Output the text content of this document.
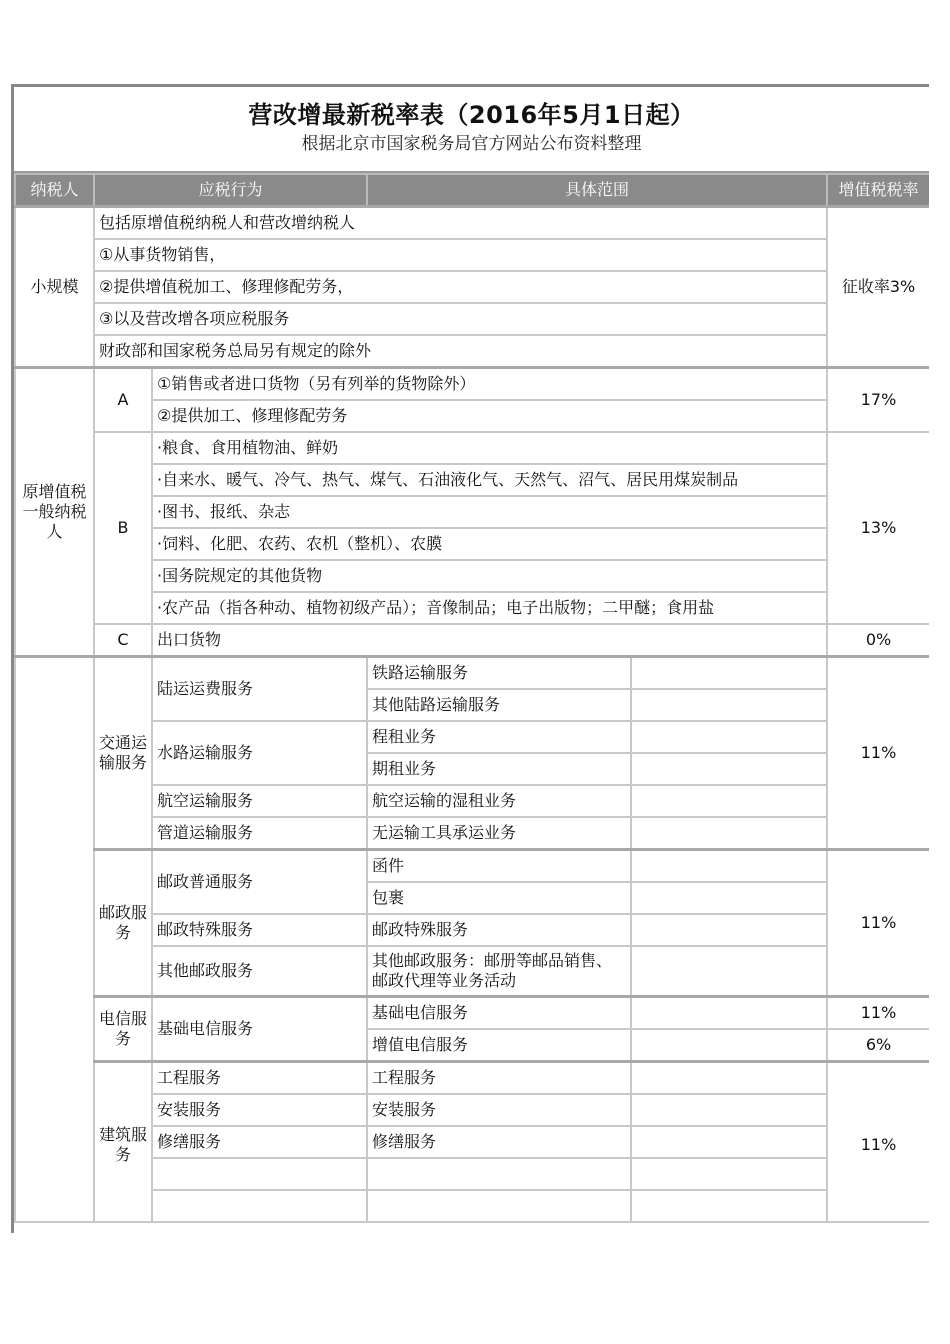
营改增最新税率表（2016年5月1日起）
根据北京市国家税务局官方网站公布资料整理
纳税人	应税行为		具体范围		增值税税率
小规模	包括原增值税纳税人和营改增纳税人				征收率3%
	①从事货物销售，				
	②提供增值税加工、修理修配劳务，				
	③以及营改增各项应税服务				
	财政部和国家税务总局另有规定的除外				
原增值税一般纳税人	A	①销售或者进口货物（另有列举的货物除外）			17%
		②提供加工、修理修配劳务			
	B	·粮食、食用植物油、鲜奶			13%
		·自来水、暖气、冷气、热气、煤气、石油液化气、天然气、沼气、居民用煤炭制品			
		·图书、报纸、杂志			
		·饲料、化肥、农药、农机（整机）、农膜			
		·国务院规定的其他货物			
		·农产品（指各种动、植物初级产品）；音像制品；电子出版物；二甲醚；食用盐			
	C	出口货物			0%
	交通运输服务	陆运运费服务	铁路运输服务		11%
			其他陆路运输服务		
		水路运输服务	程租业务		
			期租业务		
		航空运输服务	航空运输的湿租业务		
		管道运输服务	无运输工具承运业务		
	邮政服务	邮政普通服务	函件		11%
			包裹		
		邮政特殊服务	邮政特殊服务		
		其他邮政服务	其他邮政服务：邮册等邮品销售、邮政代理等业务活动		
	电信服务	基础电信服务	基础电信服务		11%
			增值电信服务		6%
	建筑服务	工程服务	工程服务		11%
		安装服务	安装服务		
		修缮服务	修缮服务		
